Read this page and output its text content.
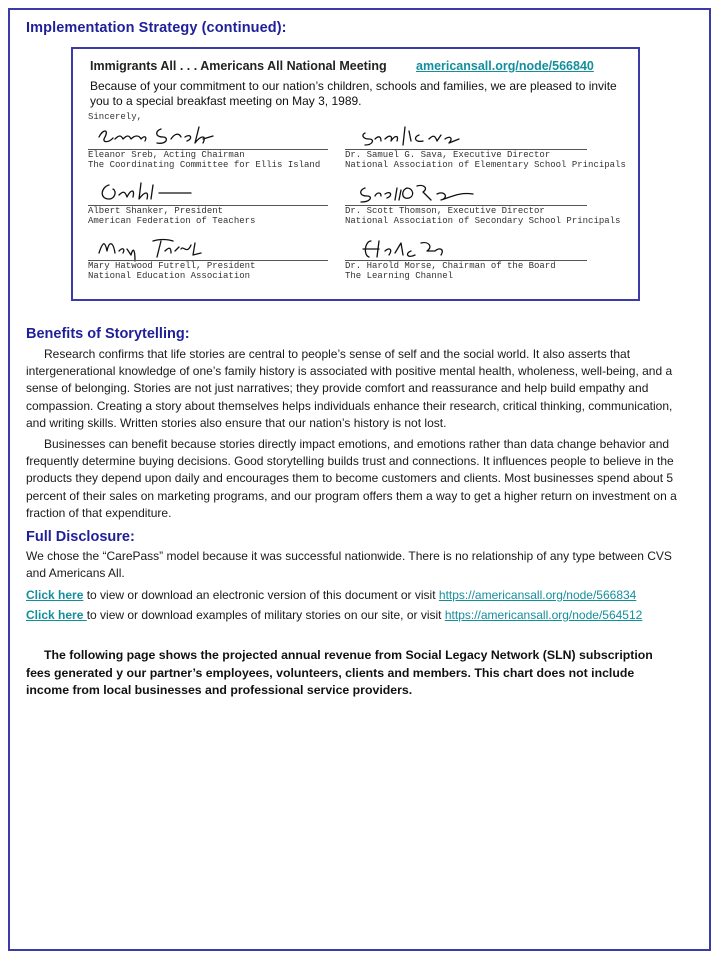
Implementation Strategy (continued):
Immigrants All . . . Americans All National Meeting americansall.org/node/566840
Because of your commitment to our nation’s children, schools and families, we are pleased to invite you to a special breakfast meeting on May 3, 1989.
Sincerely,
Eleanor Sreb, Acting Chairman
The Coordinating Committee for Ellis Island
Dr. Samuel G. Sava, Executive Director
National Association of Elementary School Principals
Albert Shanker, President
American Federation of Teachers
Dr. Scott Thomson, Executive Director
National Association of Secondary School Principals
Mary Hatwood Futrell, President
National Education Association
Dr. Harold Morse, Chairman of the Board
The Learning Channel
Benefits of Storytelling:
Research confirms that life stories are central to people’s sense of self and the social world. It also asserts that intergenerational knowledge of one’s family history is associated with positive mental health, wholeness, well-being, and a sense of belonging. Stories are not just narratives; they provide comfort and reassurance and help build empathy and compassion. Creating a story about themselves helps individuals enhance their research, critical thinking, communication, and writing skills. Written stories also ensure that our nation’s history is not lost.
Businesses can benefit because stories directly impact emotions, and emotions rather than data change behavior and frequently determine buying decisions. Good storytelling builds trust and connections. It influences people to believe in the products they depend upon daily and encourages them to become customers and clients. Most businesses spend about 5 percent of their sales on marketing programs, and our program offers them a way to get a higher return on investment on a fraction of that expenditure.
Full Disclosure:
We chose the “CarePass” model because it was successful nationwide. There is no relationship of any type between CVS and Americans All.
Click here to view or download an electronic version of this document or visit https://americansall.org/node/566834
Click here to view or download examples of military stories on our site, or visit https://americansall.org/node/564512
The following page shows the projected annual revenue from Social Legacy Network (SLN) subscription fees generated y our partner’s employees, volunteers, clients and members. This chart does not include income from local businesses and professional service providers.
